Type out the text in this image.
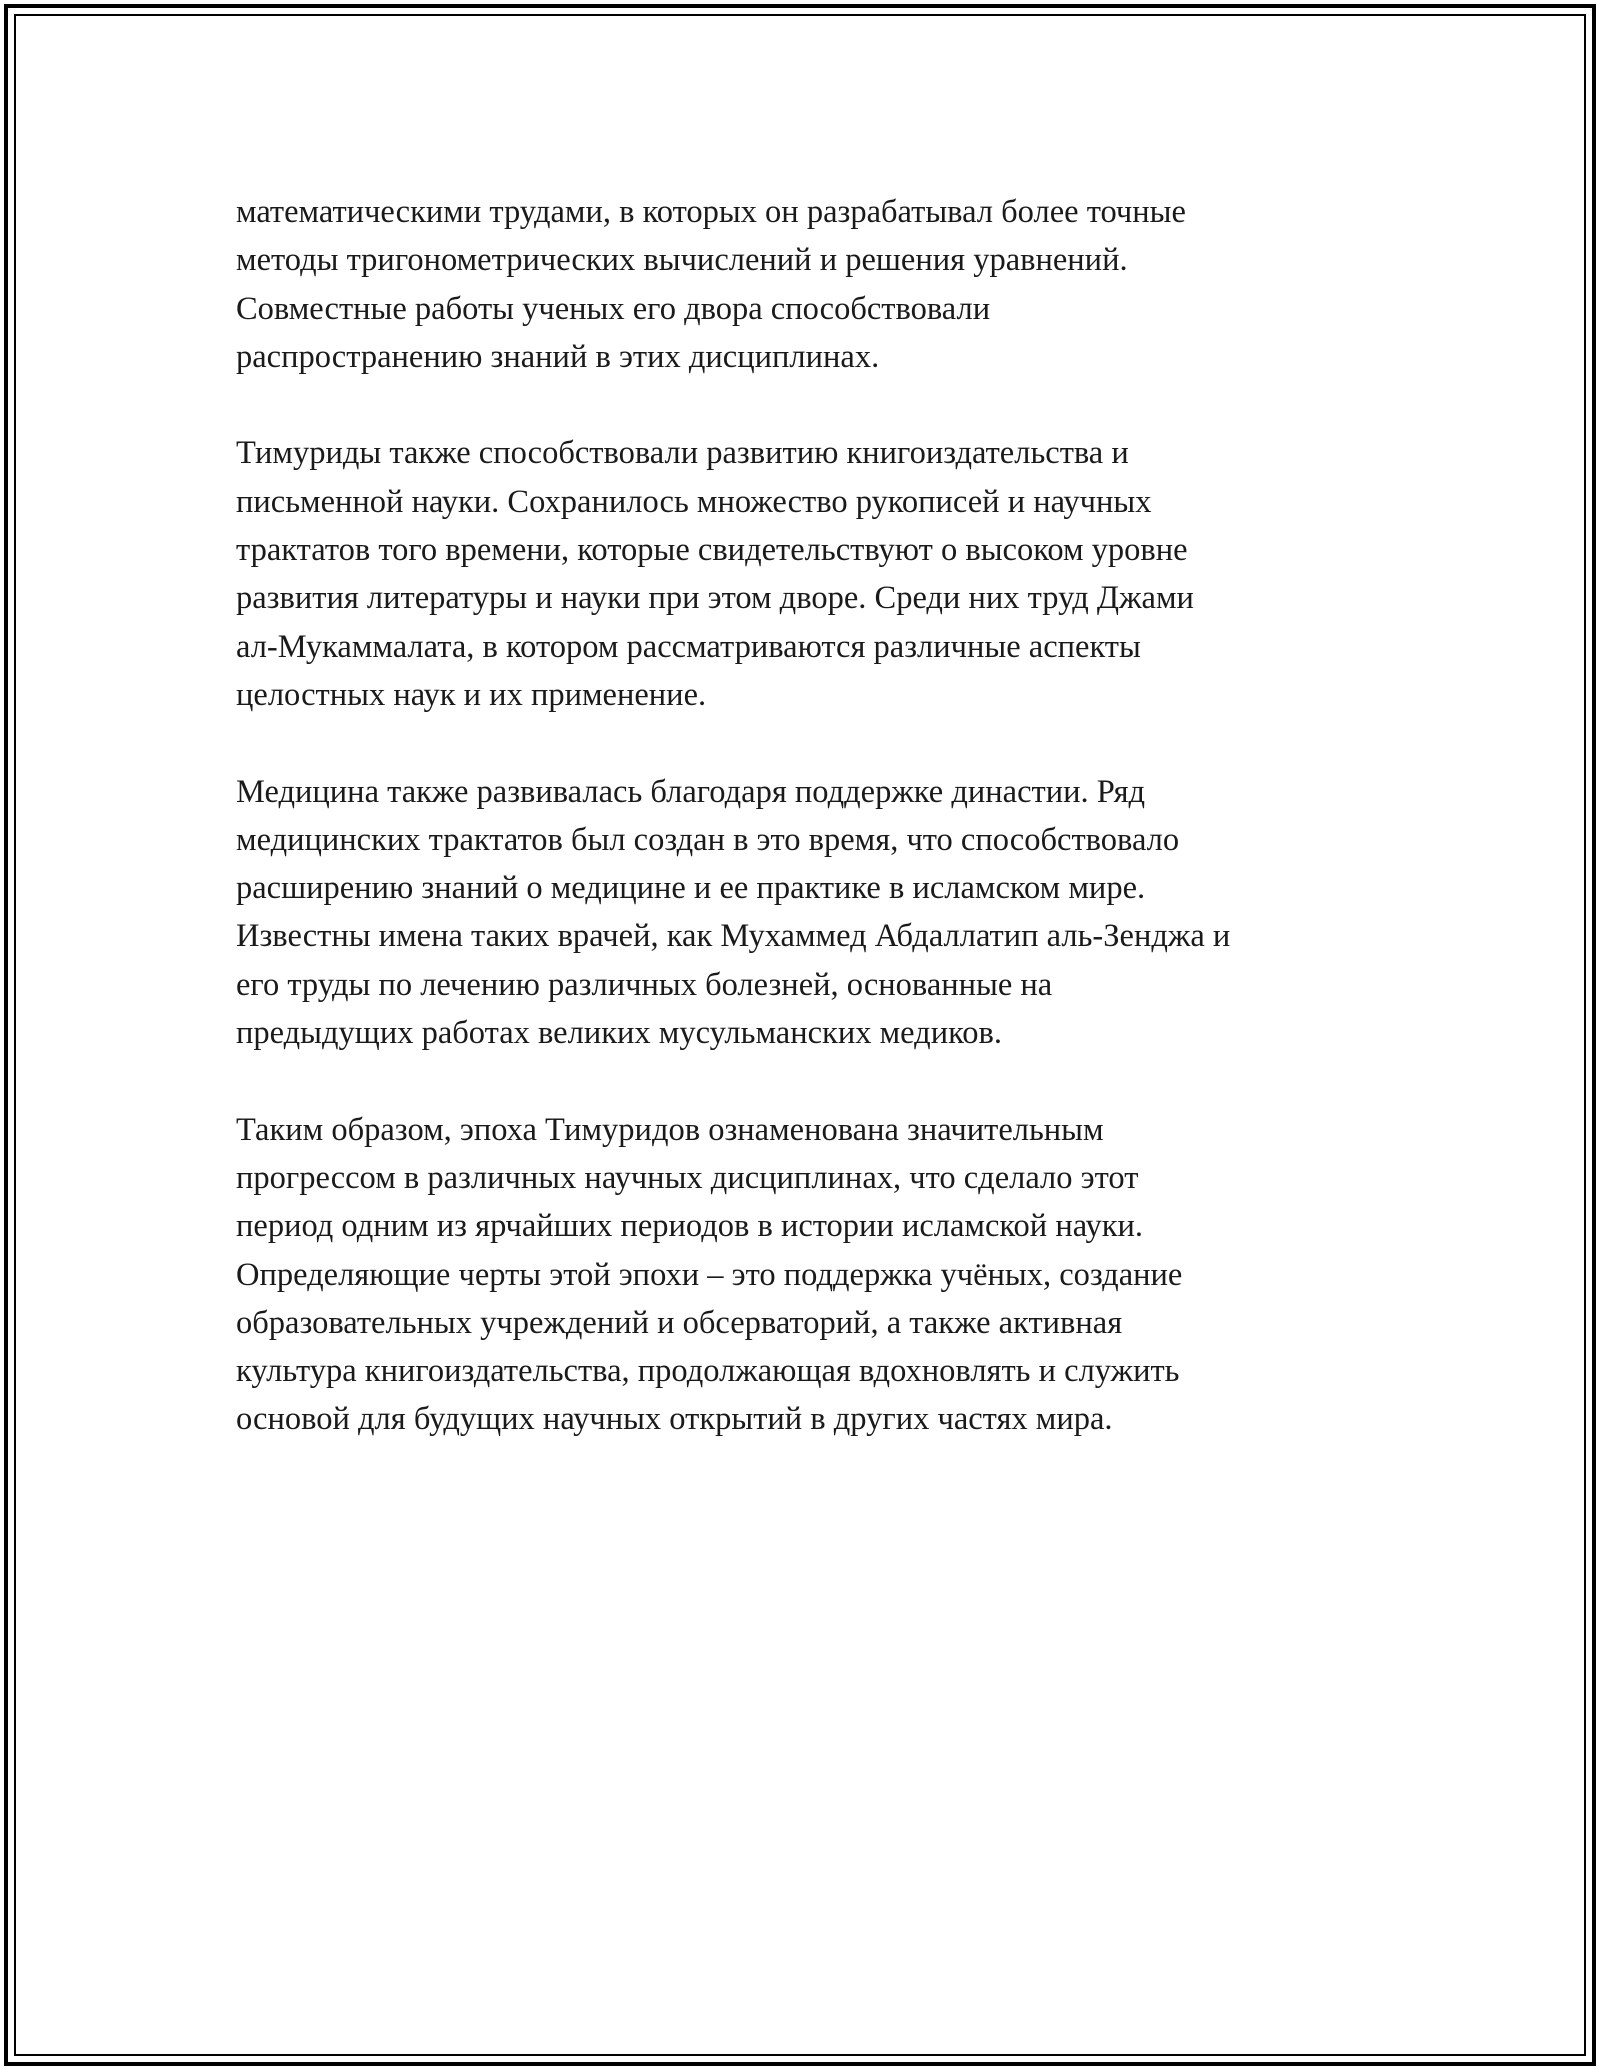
математическими трудами, в которых он разрабатывал более точные
методы тригонометрических вычислений и решения уравнений.
Совместные работы ученых его двора способствовали
распространению знаний в этих дисциплинах.

Тимуриды также способствовали развитию книгоиздательства и
письменной науки. Сохранилось множество рукописей и научных
трактатов того времени, которые свидетельствуют о высоком уровне
развития литературы и науки при этом дворе. Среди них труд Джами
ал-Мукаммалата, в котором рассматриваются различные аспекты
целостных наук и их применение.

Медицина также развивалась благодаря поддержке династии. Ряд
медицинских трактатов был создан в это время, что способствовало
расширению знаний о медицине и ее практике в исламском мире.
Известны имена таких врачей, как Мухаммед Абдаллатип аль-Зенджа и
его труды по лечению различных болезней, основанные на
предыдущих работах великих мусульманских медиков.

Таким образом, эпоха Тимуридов ознаменована значительным
прогрессом в различных научных дисциплинах, что сделало этот
период одним из ярчайших периодов в истории исламской науки.
Определяющие черты этой эпохи – это поддержка учёных, создание
образовательных учреждений и обсерваторий, а также активная
культура книгоиздательства, продолжающая вдохновлять и служить
основой для будущих научных открытий в других частях мира.
